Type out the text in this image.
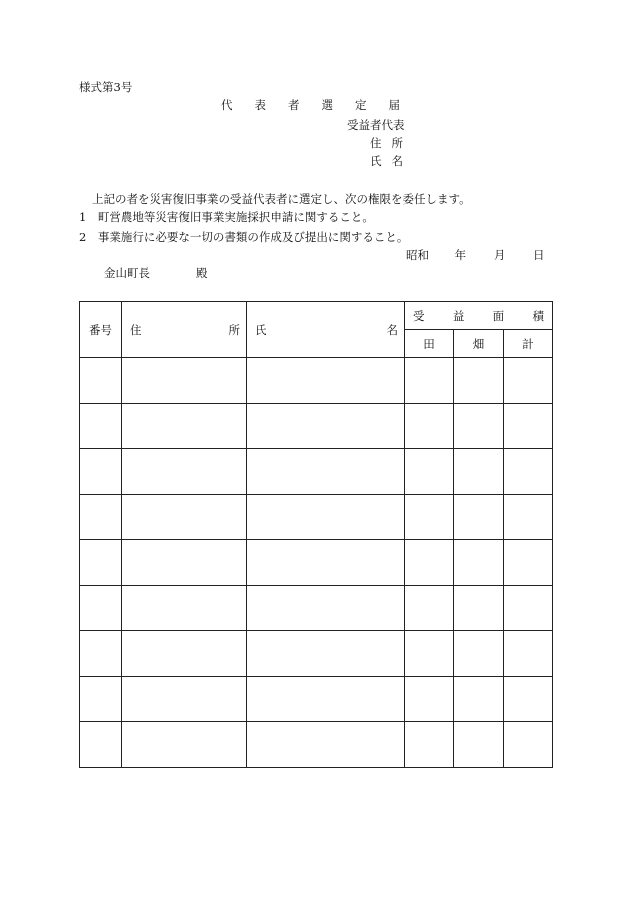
様式第3号
代表者選定届
受益者代表
住所
氏名
上記の者を災害復旧事業の受益代表者に選定し、次の権限を委任します。
1　町営農地等災害復旧事業実施採択申請に関すること。
2　事業施行に必要な一切の書類の作成及び提出に関すること。
昭和 年 月 日
金山町長	殿
番号	住 所	氏 名	受 益 面 積		

			田	畑	計
